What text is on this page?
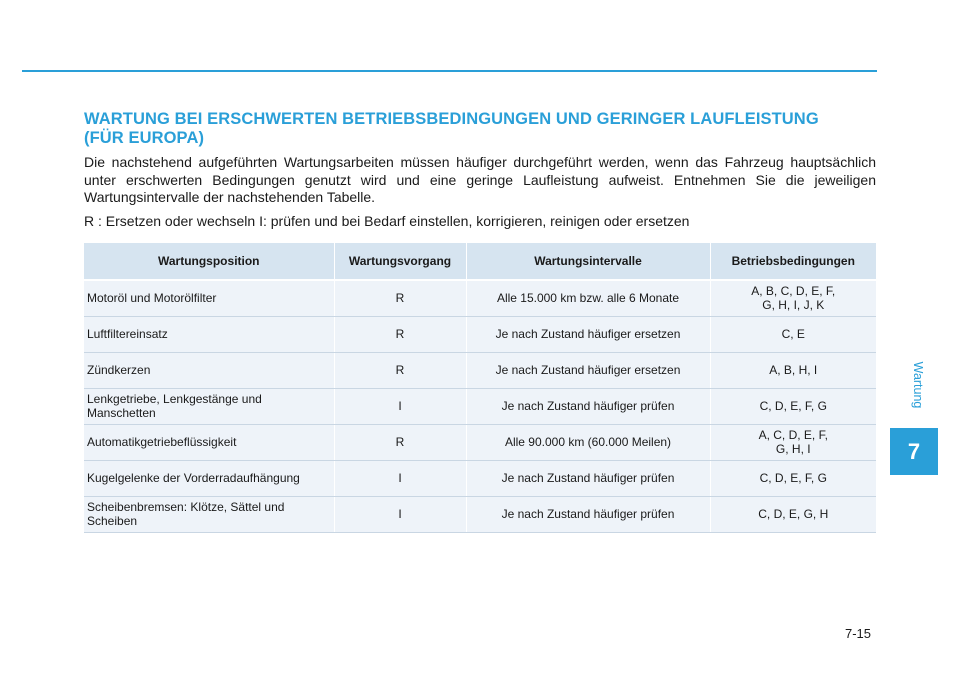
WARTUNG BEI ERSCHWERTEN BETRIEBSBEDINGUNGEN UND GERINGER LAUFLEISTUNG
(FÜR EUROPA)

Die nachstehend aufgeführten Wartungsarbeiten müssen häufiger durchgeführt werden, wenn das Fahrzeug hauptsächlich unter erschwerten Bedingungen genutzt wird und eine geringe Laufleistung aufweist. Entnehmen Sie die jeweiligen Wartungsintervalle der nachstehenden Tabelle.

R : Ersetzen oder wechseln I: prüfen und bei Bedarf einstellen, korrigieren, reinigen oder ersetzen

Wartungsposition	Wartungsvorgang	Wartungsintervalle	Betriebsbedingungen
Motoröl und Motorölfilter	R	Alle 15.000 km bzw. alle 6 Monate	A, B, C, D, E, F,
G, H, I, J, K
Luftfiltereinsatz	R	Je nach Zustand häufiger ersetzen	C, E
Zündkerzen	R	Je nach Zustand häufiger ersetzen	A, B, H, I
Lenkgetriebe, Lenkgestänge und
Manschetten	I	Je nach Zustand häufiger prüfen	C, D, E, F, G
Automatikgetriebeflüssigkeit	R	Alle 90.000 km (60.000 Meilen)	A, C, D, E, F,
G, H, I
Kugelgelenke der Vorderradaufhängung	I	Je nach Zustand häufiger prüfen	C, D, E, F, G
Scheibenbremsen: Klötze, Sättel und
Scheiben	I	Je nach Zustand häufiger prüfen	C, D, E, G, H
Wartung
7
7-15
